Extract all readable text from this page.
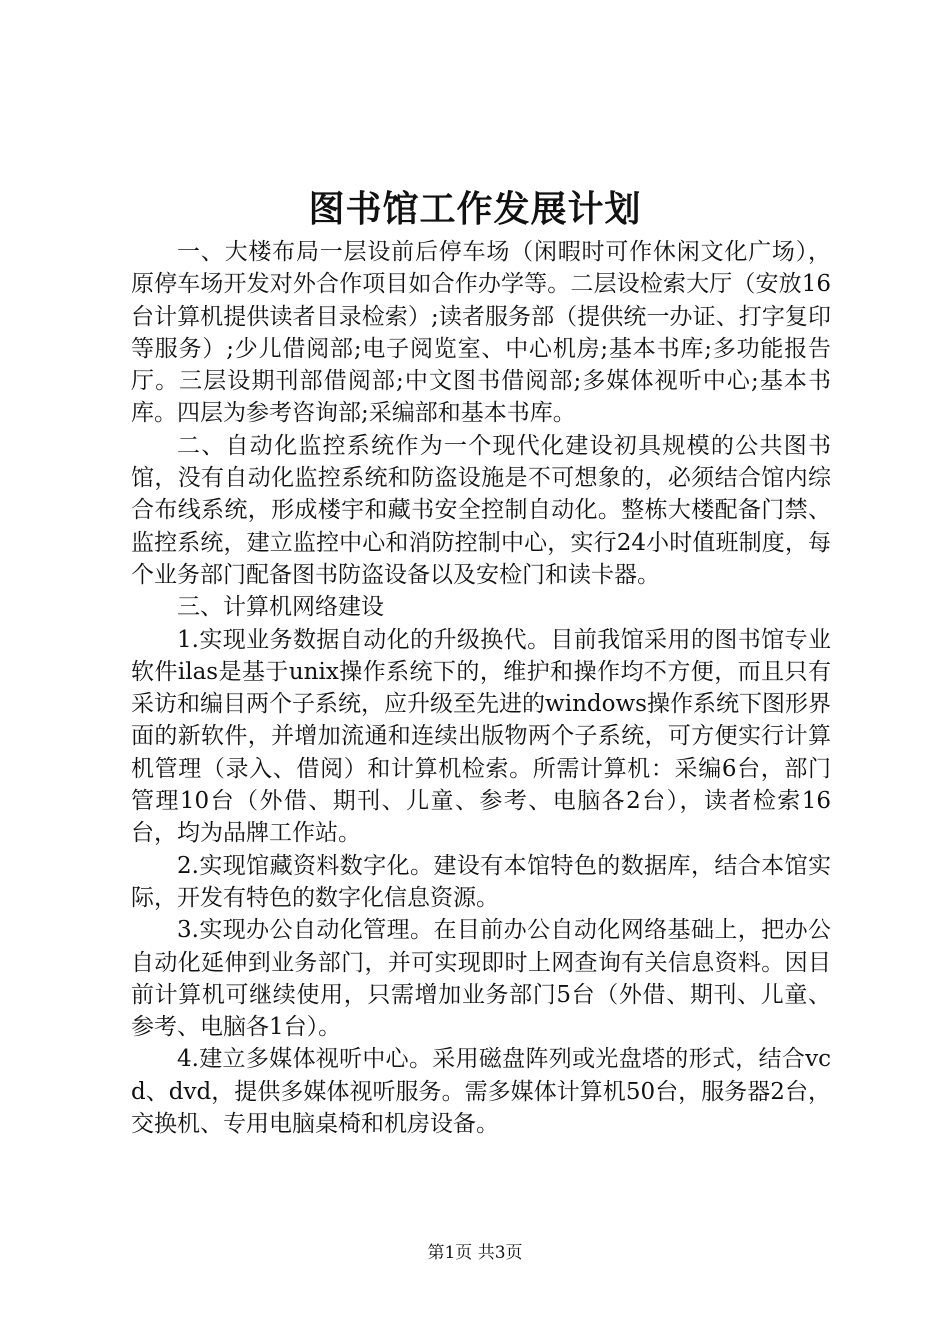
图书馆工作发展计划

一、大楼布局一层设前后停车场（闲暇时可作休闲文化广场），原停车场开发对外合作项目如合作办学等。二层设检索大厅（安放16台计算机提供读者目录检索）;读者服务部（提供统一办证、打字复印等服务）;少儿借阅部;电子阅览室、中心机房;基本书库;多功能报告厅。三层设期刊部借阅部;中文图书借阅部;多媒体视听中心;基本书库。四层为参考咨询部;采编部和基本书库。

二、自动化监控系统作为一个现代化建设初具规模的公共图书馆，没有自动化监控系统和防盗设施是不可想象的，必须结合馆内综合布线系统，形成楼宇和藏书安全控制自动化。整栋大楼配备门禁、监控系统，建立监控中心和消防控制中心，实行24小时值班制度，每个业务部门配备图书防盗设备以及安检门和读卡器。

三、计算机网络建设

1.实现业务数据自动化的升级换代。目前我馆采用的图书馆专业软件ilas是基于unix操作系统下的，维护和操作均不方便，而且只有采访和编目两个子系统，应升级至先进的windows操作系统下图形界面的新软件，并增加流通和连续出版物两个子系统，可方便实行计算机管理（录入、借阅）和计算机检索。所需计算机：采编6台，部门管理10台（外借、期刊、儿童、参考、电脑各2台），读者检索16台，均为品牌工作站。

2.实现馆藏资料数字化。建设有本馆特色的数据库，结合本馆实际，开发有特色的数字化信息资源。

3.实现办公自动化管理。在目前办公自动化网络基础上，把办公自动化延伸到业务部门，并可实现即时上网查询有关信息资料。因目前计算机可继续使用，只需增加业务部门5台（外借、期刊、儿童、参考、电脑各1台）。

4.建立多媒体视听中心。采用磁盘阵列或光盘塔的形式，结合vcd、dvd，提供多媒体视听服务。需多媒体计算机50台，服务器2台，交换机、专用电脑桌椅和机房设备。

第1页 共3页
